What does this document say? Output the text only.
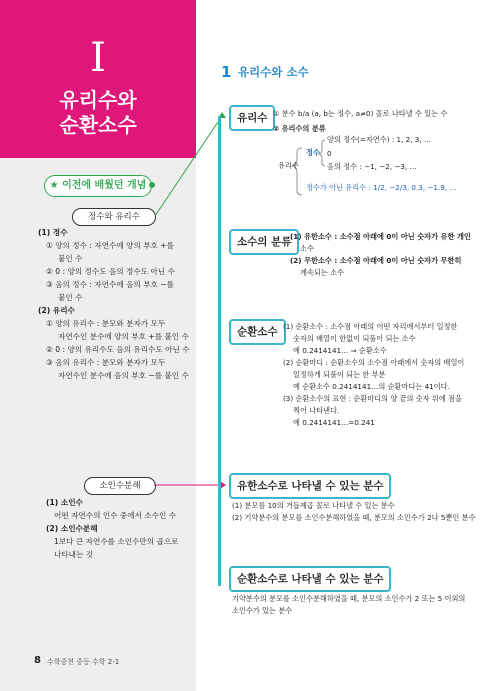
I
유리수와
순환소수
★ 이전에 배웠던 개념
정수와 유리수
(1) 정수
① 양의 정수 : 자연수에 양의 부호 +를
붙인 수
② 0 : 양의 정수도 음의 정수도 아닌 수
③ 음의 정수 : 자연수에 음의 부호 −를
붙인 수
(2) 유리수
① 양의 유리수 : 분모와 분자가 모두
자연수인 분수에 양의 부호 +를 붙인 수
② 0 : 양의 유리수도 음의 유리수도 아닌 수
③ 음의 유리수 : 분모와 분자가 모두
자연수인 분수에 음의 부호 −를 붙인 수
소인수분해
(1) 소인수
어떤 자연수의 인수 중에서 소수인 수
(2) 소인수분해
1보다 큰 자연수를 소인수만의 곱으로
나타내는 것
1 유리수와 소수
유리수 ① 분수 b/a (a, b는 정수, a≠0) 꼴로 나타낼 수 있는 수
② 유리수의 분류
유리수
정수
양의 정수(=자연수) : 1, 2, 3, …
0
음의 정수 : −1, −2, −3, …
정수가 아닌 유리수 : 1/2, −2/3, 0.3, −1.9, …
소수의 분류
(1) 유한소수 : 소수점 아래에 0이 아닌 숫자가 유한 개인
소수
(2) 무한소수 : 소수점 아래에 0이 아닌 숫자가 무한히
계속되는 소수
순환소수 (1) 순환소수 : 소수점 아래의 어떤 자리에서부터 일정한
숫자의 배열이 한없이 되풀이 되는 소수
예 0.2414141… ⇒ 순환소수
(2) 순환마디 : 순환소수의 소수점 아래에서 숫자의 배열이
일정하게 되풀이 되는 한 부분
예 순환소수 0.2414141…의 순환마디는 41이다.
(3) 순환소수의 표현 : 순환마디의 양 끝의 숫자 위에 점을
찍어 나타낸다.
예 0.2414141…=0.241̇
유한소수로 나타낼 수 있는 분수
(1) 분모를 10의 거듭제곱 꼴로 나타낼 수 있는 분수
(2) 기약분수의 분모를 소인수분해하였을 때, 분모의 소인수가 2나 5뿐인 분수
순환소수로 나타낼 수 있는 분수
기약분수의 분모를 소인수분해하였을 때, 분모의 소인수가 2 또는 5 이외의
소인수가 있는 분수
8 수학중천 중등 수학 2-1
